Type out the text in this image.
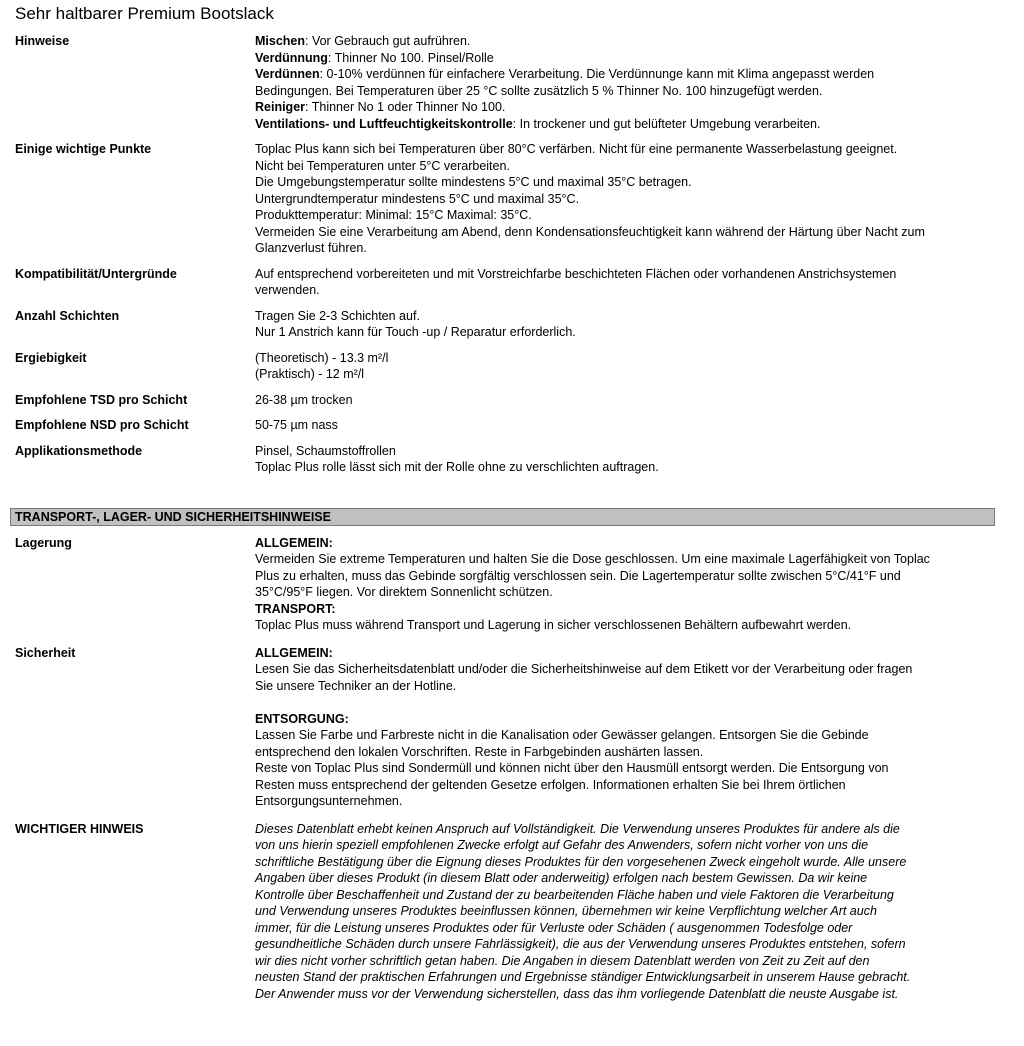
Sehr haltbarer Premium Bootslack
Hinweise	Mischen: Vor Gebrauch gut aufrühren.
Verdünnung: Thinner No 100. Pinsel/Rolle
Verdünnen: 0-10% verdünnen für einfachere Verarbeitung. Die Verdünnunge kann mit Klima angepasst werden
Bedingungen. Bei Temperaturen über 25 °C sollte zusätzlich 5 % Thinner No. 100 hinzugefügt werden.
Reiniger: Thinner No 1 oder Thinner No 100.
Ventilations- und Luftfeuchtigkeitskontrolle: In trockener und gut belüfteter Umgebung verarbeiten.
Einige wichtige Punkte	Toplac Plus kann sich bei Temperaturen über 80°C verfärben. Nicht für eine permanente Wasserbelastung geeignet.
Nicht bei Temperaturen unter 5°C verarbeiten.
Die Umgebungstemperatur sollte mindestens 5°C und maximal 35°C betragen.
Untergrundtemperatur mindestens 5°C und maximal 35°C.
Produkttemperatur: Minimal: 15°C Maximal: 35°C.
Vermeiden Sie eine Verarbeitung am Abend, denn Kondensationsfeuchtigkeit kann während der Härtung über Nacht zum
Glanzverlust führen.
Kompatibilität/Untergründe	Auf entsprechend vorbereiteten und mit Vorstreichfarbe beschichteten Flächen oder vorhandenen Anstrichsystemen
verwenden.
Anzahl Schichten	Tragen Sie 2-3 Schichten auf.
Nur 1 Anstrich kann für Touch -up / Reparatur erforderlich.
Ergiebigkeit	(Theoretisch) - 13.3 m²/l
(Praktisch) - 12 m²/l
Empfohlene TSD pro Schicht	26-38 µm trocken
Empfohlene NSD pro Schicht	50-75 µm nass
Applikationsmethode	Pinsel, Schaumstoffrollen
Toplac Plus rolle lässt sich mit der Rolle ohne zu verschlichten auftragen.
TRANSPORT-, LAGER- UND SICHERHEITSHINWEISE
Lagerung	ALLGEMEIN:
Vermeiden Sie extreme Temperaturen und halten Sie die Dose geschlossen. Um eine maximale Lagerfähigkeit von Toplac
Plus zu erhalten, muss das Gebinde sorgfältig verschlossen sein. Die Lagertemperatur sollte zwischen 5°C/41°F und
35°C/95°F liegen. Vor direktem Sonnenlicht schützen.
TRANSPORT:
Toplac Plus muss während Transport und Lagerung in sicher verschlossenen Behältern aufbewahrt werden.
Sicherheit	ALLGEMEIN:
Lesen Sie das Sicherheitsdatenblatt und/oder die Sicherheitshinweise auf dem Etikett vor der Verarbeitung oder fragen
Sie unsere Techniker an der Hotline.
ENTSORGUNG:
Lassen Sie Farbe und Farbreste nicht in die Kanalisation oder Gewässer gelangen. Entsorgen Sie die Gebinde
entsprechend den lokalen Vorschriften. Reste in Farbgebinden aushärten lassen.
Reste von Toplac Plus sind Sondermüll und können nicht über den Hausmüll entsorgt werden. Die Entsorgung von
Resten muss entsprechend der geltenden Gesetze erfolgen. Informationen erhalten Sie bei Ihrem örtlichen
Entsorgungsunternehmen.
WICHTIGER HINWEIS	Dieses Datenblatt erhebt keinen Anspruch auf Vollständigkeit. Die Verwendung unseres Produktes für andere als die
von uns hierin speziell empfohlenen Zwecke erfolgt auf Gefahr des Anwenders, sofern nicht vorher von uns die
schriftliche Bestätigung über die Eignung dieses Produktes für den vorgesehenen Zweck eingeholt wurde. Alle unsere
Angaben über dieses Produkt (in diesem Blatt oder anderweitig) erfolgen nach bestem Gewissen. Da wir keine
Kontrolle über Beschaffenheit und Zustand der zu bearbeitenden Fläche haben und viele Faktoren die Verarbeitung
und Verwendung unseres Produktes beeinflussen können, übernehmen wir keine Verpflichtung welcher Art auch
immer, für die Leistung unseres Produktes oder für Verluste oder Schäden ( ausgenommen Todesfolge oder
gesundheitliche Schäden durch unsere Fahrlässigkeit), die aus der Verwendung unseres Produktes entstehen, sofern
wir dies nicht vorher schriftlich getan haben. Die Angaben in diesem Datenblatt werden von Zeit zu Zeit auf den
neusten Stand der praktischen Erfahrungen und Ergebnisse ständiger Entwicklungsarbeit in unserem Hause gebracht.
Der Anwender muss vor der Verwendung sicherstellen, dass das ihm vorliegende Datenblatt die neuste Ausgabe ist.
